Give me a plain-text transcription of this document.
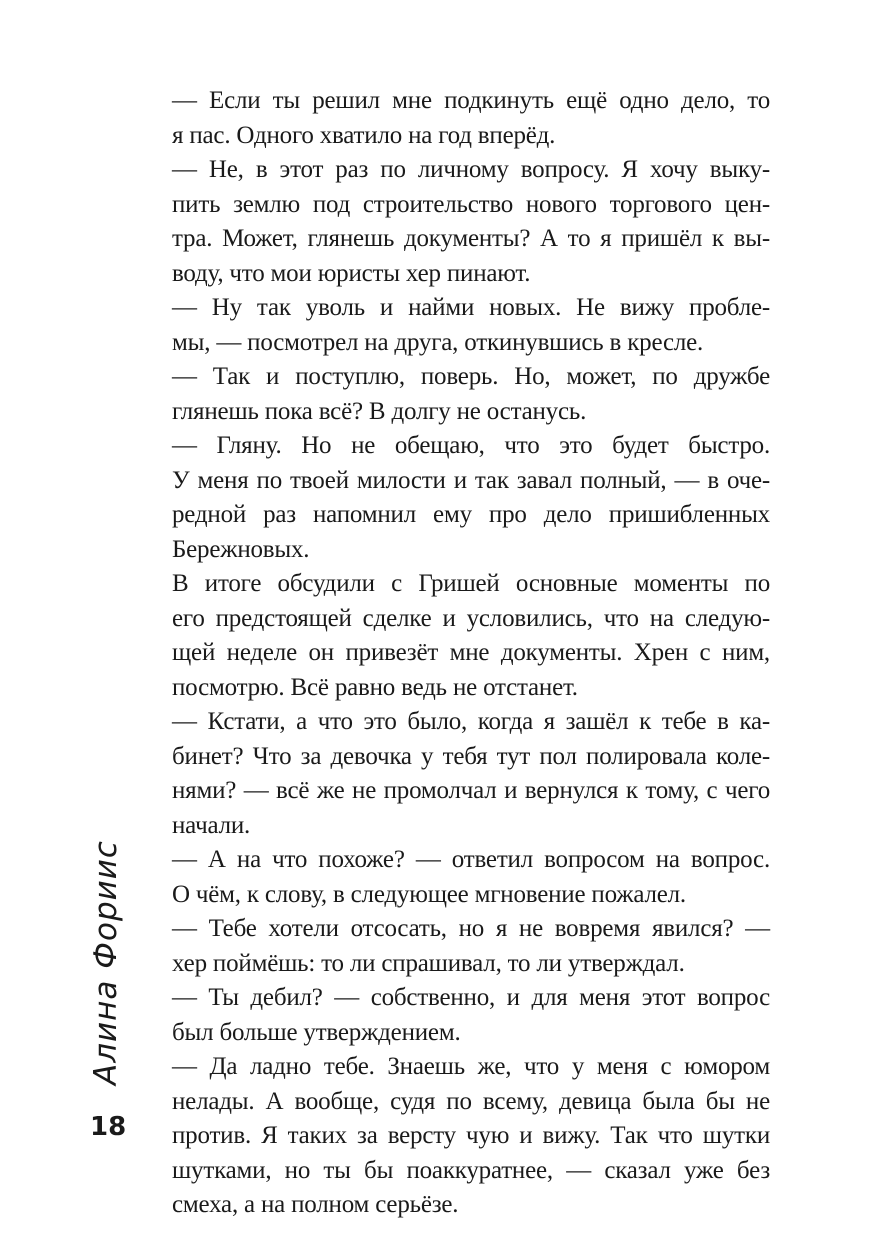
— Если ты решил мне подкинуть ещё одно дело, то
я пас. Одного хватило на год вперёд.
— Не, в этот раз по личному вопросу. Я хочу выку-
пить землю под строительство нового торгового цен-
тра. Может, глянешь документы? А то я пришёл к вы-
воду, что мои юристы хер пинают.
— Ну так уволь и найми новых. Не вижу пробле-
мы, — посмотрел на друга, откинувшись в кресле.
— Так и поступлю, поверь. Но, может, по дружбе
глянешь пока всё? В долгу не останусь.
— Гляну. Но не обещаю, что это будет быстро.
У меня по твоей милости и так завал полный, — в оче-
редной раз напомнил ему про дело пришибленных
Бережновых.
В итоге обсудили с Гришей основные моменты по
его предстоящей сделке и условились, что на следую-
щей неделе он привезёт мне документы. Хрен с ним,
посмотрю. Всё равно ведь не отстанет.
— Кстати, а что это было, когда я зашёл к тебе в ка-
бинет? Что за девочка у тебя тут пол полировала коле-
нями? — всё же не промолчал и вернулся к тому, с чего
начали.
— А на что похоже? — ответил вопросом на вопрос.
О чём, к слову, в следующее мгновение пожалел.
— Тебе хотели отсосать, но я не вовремя явился? —
хер поймёшь: то ли спрашивал, то ли утверждал.
— Ты дебил? — собственно, и для меня этот вопрос
был больше утверждением.
— Да ладно тебе. Знаешь же, что у меня с юмором
нелады. А вообще, судя по всему, девица была бы не
против. Я таких за версту чую и вижу. Так что шутки
шутками, но ты бы поаккуратнее, — сказал уже без
смеха, а на полном серьёзе.
Алина Фориис
18
